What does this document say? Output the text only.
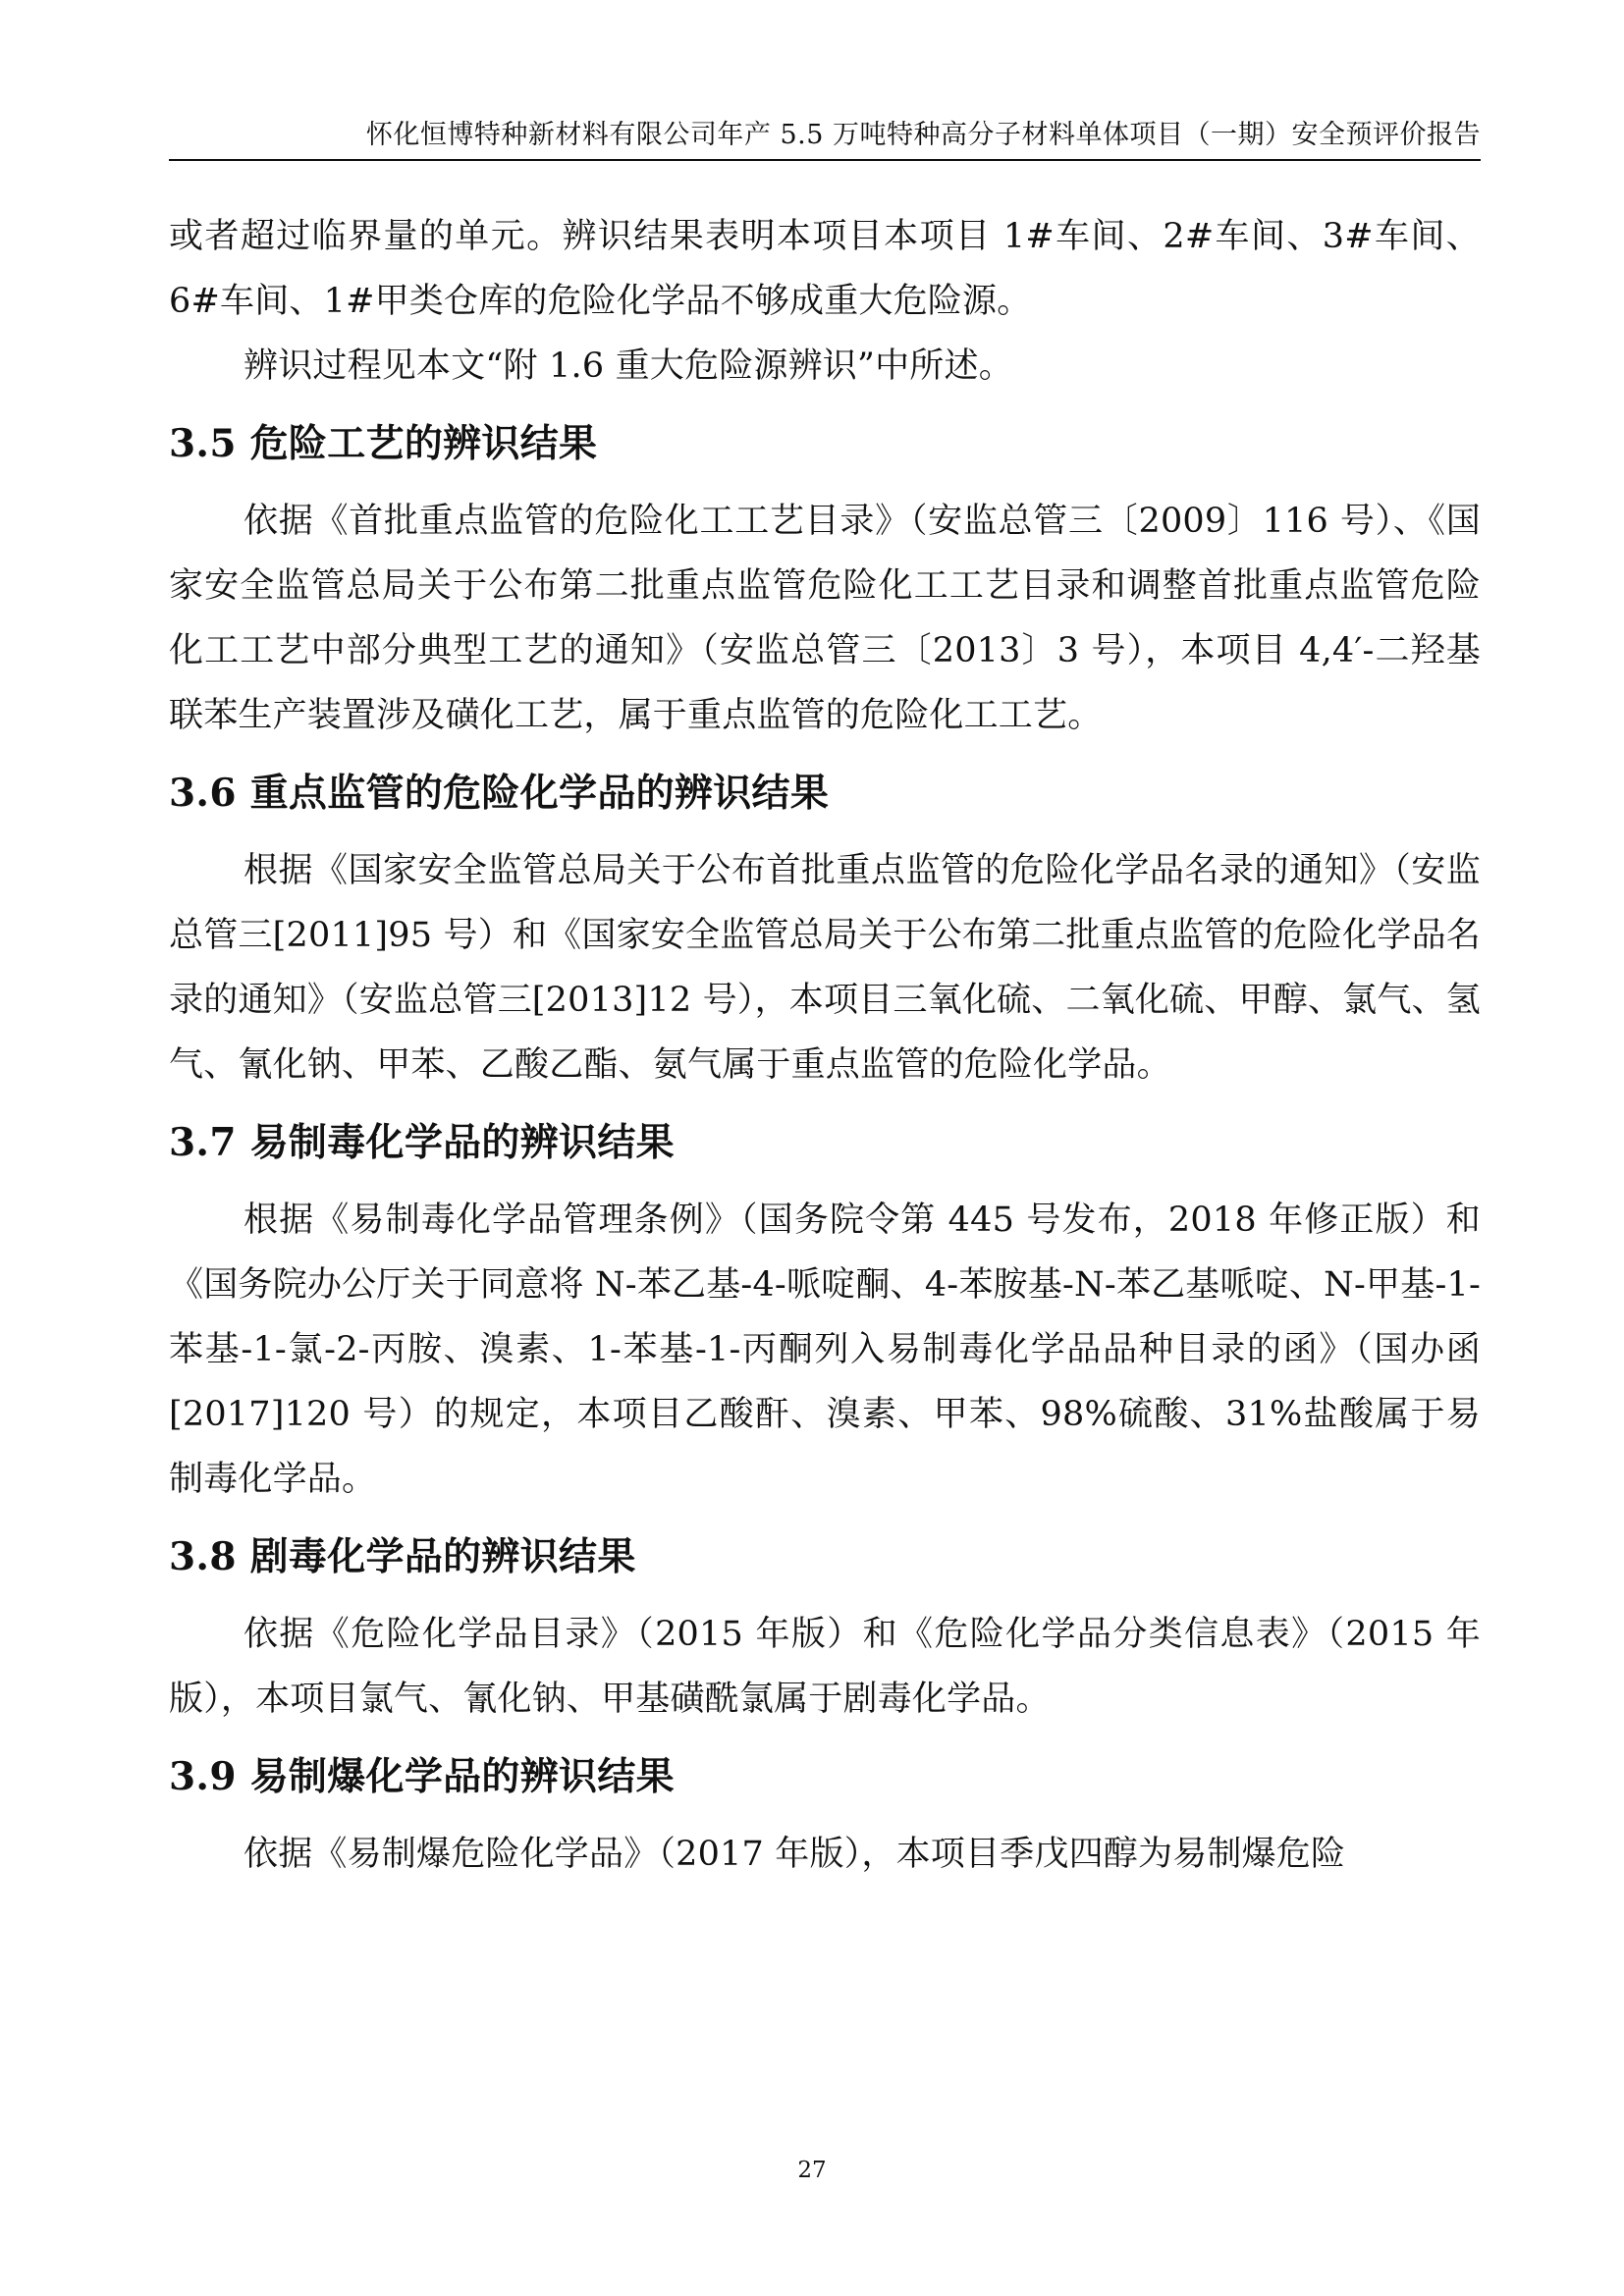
怀化恒博特种新材料有限公司年产 5.5 万吨特种高分子材料单体项目（一期）安全预评价报告

或者超过临界量的单元。辨识结果表明本项目本项目 1#车间、2#车间、3#车间、6#车间、1#甲类仓库的危险化学品不够成重大危险源。

辨识过程见本文“附 1.6 重大危险源辨识”中所述。

3.5 危险工艺的辨识结果

依据《首批重点监管的危险化工工艺目录》（安监总管三〔2009〕116 号）、《国家安全监管总局关于公布第二批重点监管危险化工工艺目录和调整首批重点监管危险化工工艺中部分典型工艺的通知》（安监总管三〔2013〕3 号），本项目 4,4′-二羟基联苯生产装置涉及磺化工艺，属于重点监管的危险化工工艺。

3.6 重点监管的危险化学品的辨识结果

根据《国家安全监管总局关于公布首批重点监管的危险化学品名录的通知》（安监总管三[2011]95 号）和《国家安全监管总局关于公布第二批重点监管的危险化学品名录的通知》（安监总管三[2013]12 号），本项目三氧化硫、二氧化硫、甲醇、氯气、氢气、氰化钠、甲苯、乙酸乙酯、氨气属于重点监管的危险化学品。

3.7 易制毒化学品的辨识结果

根据《易制毒化学品管理条例》（国务院令第 445 号发布，2018 年修正版）和《国务院办公厅关于同意将 N-苯乙基-4-哌啶酮、4-苯胺基-N-苯乙基哌啶、N-甲基-1-苯基-1-氯-2-丙胺、溴素、1-苯基-1-丙酮列入易制毒化学品品种目录的函》（国办函[2017]120 号）的规定，本项目乙酸酐、溴素、甲苯、98%硫酸、31%盐酸属于易制毒化学品。

3.8 剧毒化学品的辨识结果

依据《危险化学品目录》（2015 年版）和《危险化学品分类信息表》（2015 年版），本项目氯气、氰化钠、甲基磺酰氯属于剧毒化学品。

3.9 易制爆化学品的辨识结果

依据《易制爆危险化学品》（2017 年版），本项目季戊四醇为易制爆危险

27
